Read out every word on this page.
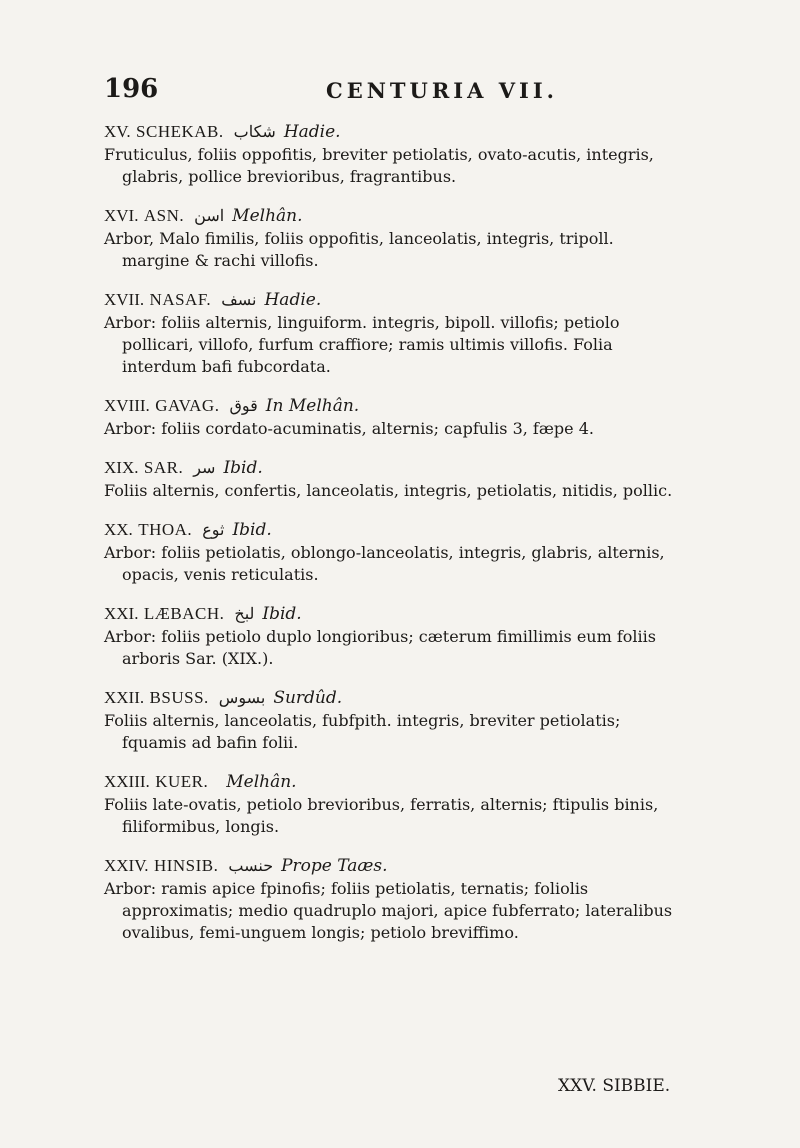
196	CENTURIA VII.
XV. SCHEKAB. شكاب Hadie.

Fruticulus, foliis oppofitis, breviter petiolatis, ovato-acutis, integris, glabris, pollice brevioribus, fragrantibus.

XVI. ASN. اسن Melhân.

Arbor, Malo fimilis, foliis oppofitis, lanceolatis, integris, tripoll. margine & rachi villofis.

XVII. NASAF. نسف Hadie.

Arbor: foliis alternis, linguiform. integris, bipoll. villofis; petiolo pollicari, villofo, furfum craffiore; ramis ultimis villofis. Folia interdum bafi fubcordata.

XVIII. GAVAG. قوق In Melhân.

Arbor: foliis cordato-acuminatis, alternis; capfulis 3, fæpe 4.

XIX. SAR. سر Ibid.

Foliis alternis, confertis, lanceolatis, integris, petiolatis, nitidis, pollic.

XX. THOA. ثوع Ibid.

Arbor: foliis petiolatis, oblongo-lanceolatis, integris, glabris, alternis, opacis, venis reticulatis.

XXI. LÆBACH. لبخ Ibid.

Arbor: foliis petiolo duplo longioribus; cæterum fimillimis eum foliis arboris Sar. (XIX.).

XXII. BSUSS. بسوس Surdûd.

Foliis alternis, lanceolatis, fubfpith. integris, breviter petiolatis; fquamis ad bafin folii.

XXIII. KUER. Melhân.

Foliis late-ovatis, petiolo brevioribus, ferratis, alternis; ftipulis binis, filiformibus, longis.

XXIV. HINSIB. حنسب Prope Taæs.

Arbor: ramis apice fpinofis; foliis petiolatis, ternatis; foliolis approximatis; medio quadruplo majori, apice fubferrato; lateralibus ovalibus, femi-unguem longis; petiolo breviffimo.

XXV. SIBBIE.
